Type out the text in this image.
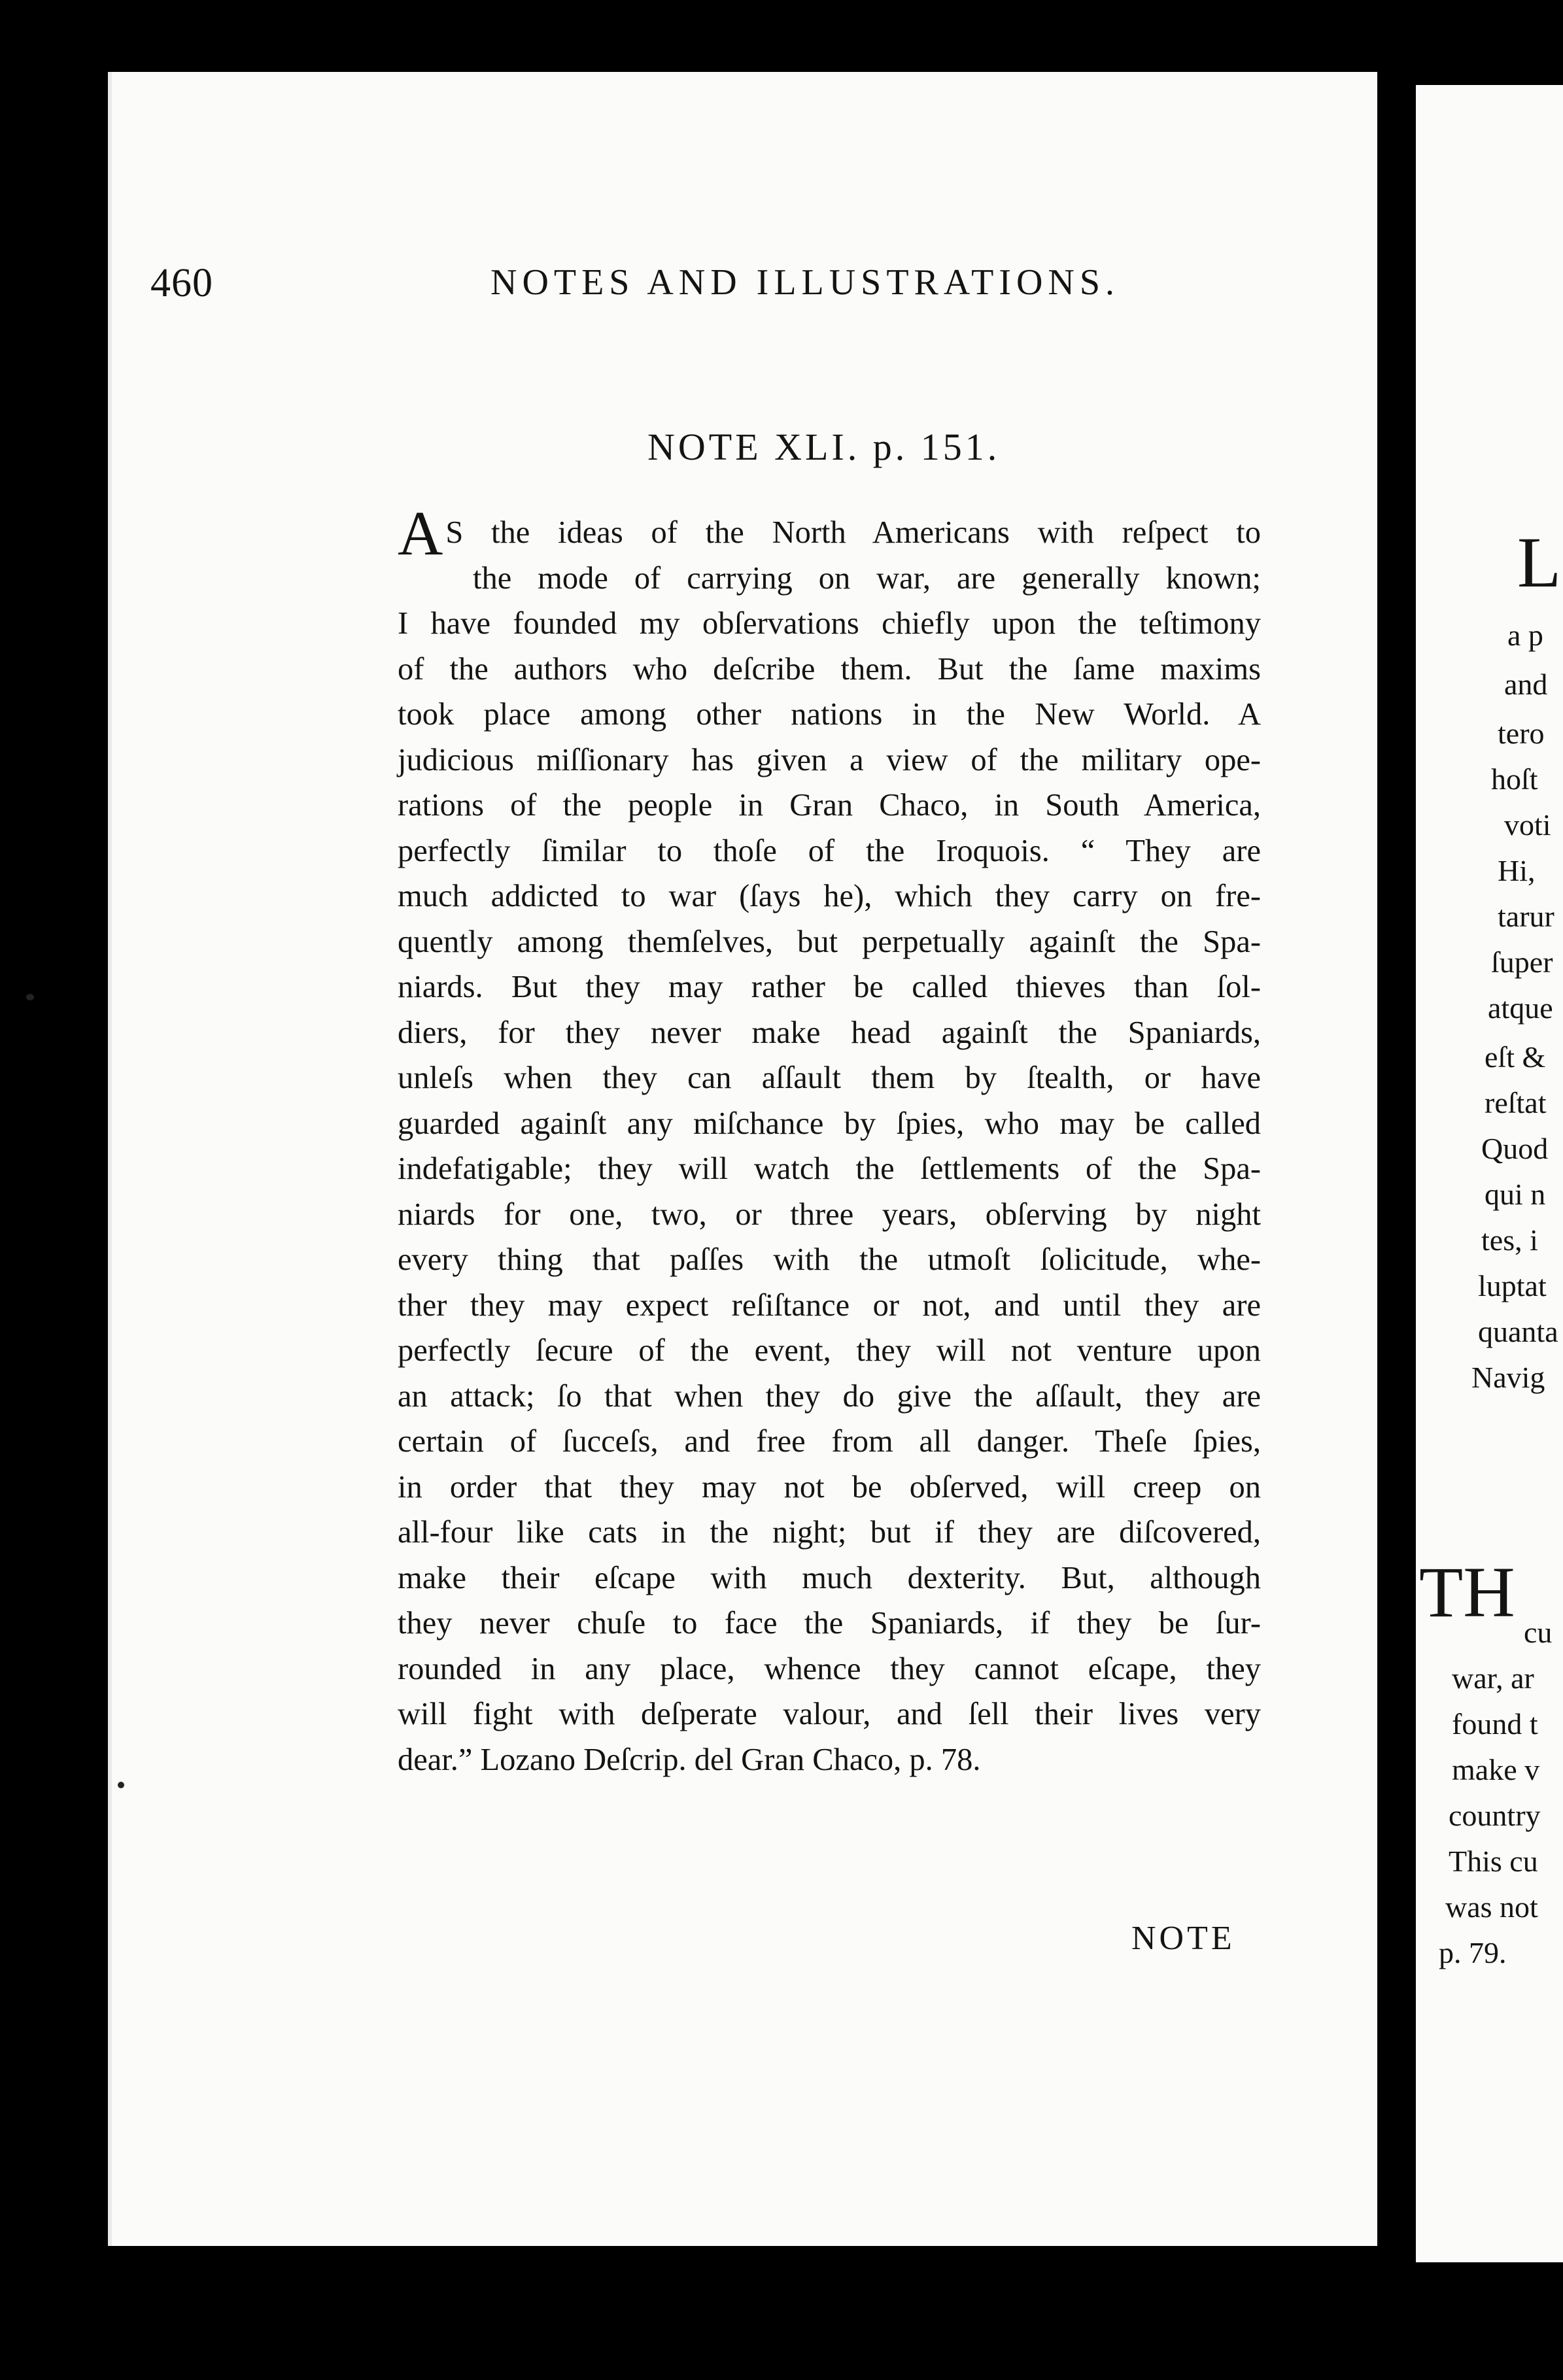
460	NOTES AND ILLUSTRATIONS.
NOTE XLI. p. 151.
A S the ideas of the North Americans with reſpect to
the mode of carrying on war, are generally known;
I have founded my obſervations chiefly upon the teſtimony
of the authors who deſcribe them. But the ſame maxims
took place among other nations in the New World. A
judicious miſſionary has given a view of the military ope-
rations of the people in Gran Chaco, in South America,
perfectly ſimilar to thoſe of the Iroquois. “ They are
much addicted to war (ſays he), which they carry on fre-
quently among themſelves, but perpetually againſt the Spa-
niards. But they may rather be called thieves than ſol-
diers, for they never make head againſt the Spaniards,
unleſs when they can aſſault them by ſtealth, or have
guarded againſt any miſchance by ſpies, who may be called
indefatigable; they will watch the ſettlements of the Spa-
niards for one, two, or three years, obſerving by night
every thing that paſſes with the utmoſt ſolicitude, whe-
ther they may expect reſiſtance or not, and until they are
perfectly ſecure of the event, they will not venture upon
an attack; ſo that when they do give the aſſault, they are
certain of ſucceſs, and free from all danger. Theſe ſpies,
in order that they may not be obſerved, will creep on
all-four like cats in the night; but if they are diſcovered,
make their eſcape with much dexterity. But, although
they never chuſe to face the Spaniards, if they be ſur-
rounded in any place, whence they cannot eſcape, they
will fight with deſperate valour, and ſell their lives very
dear.” Lozano Deſcrip. del Gran Chaco, p. 78.
NOTE
L
a p
and
tero
hoſt
voti
Hi,
tarur
ſuper
atque
eſt &
reſtat
Quod
qui n
tes, i
luptat
quanta
Navig
TH
cu
war, ar
found t
make v
country
This cu
was not
p. 79.
